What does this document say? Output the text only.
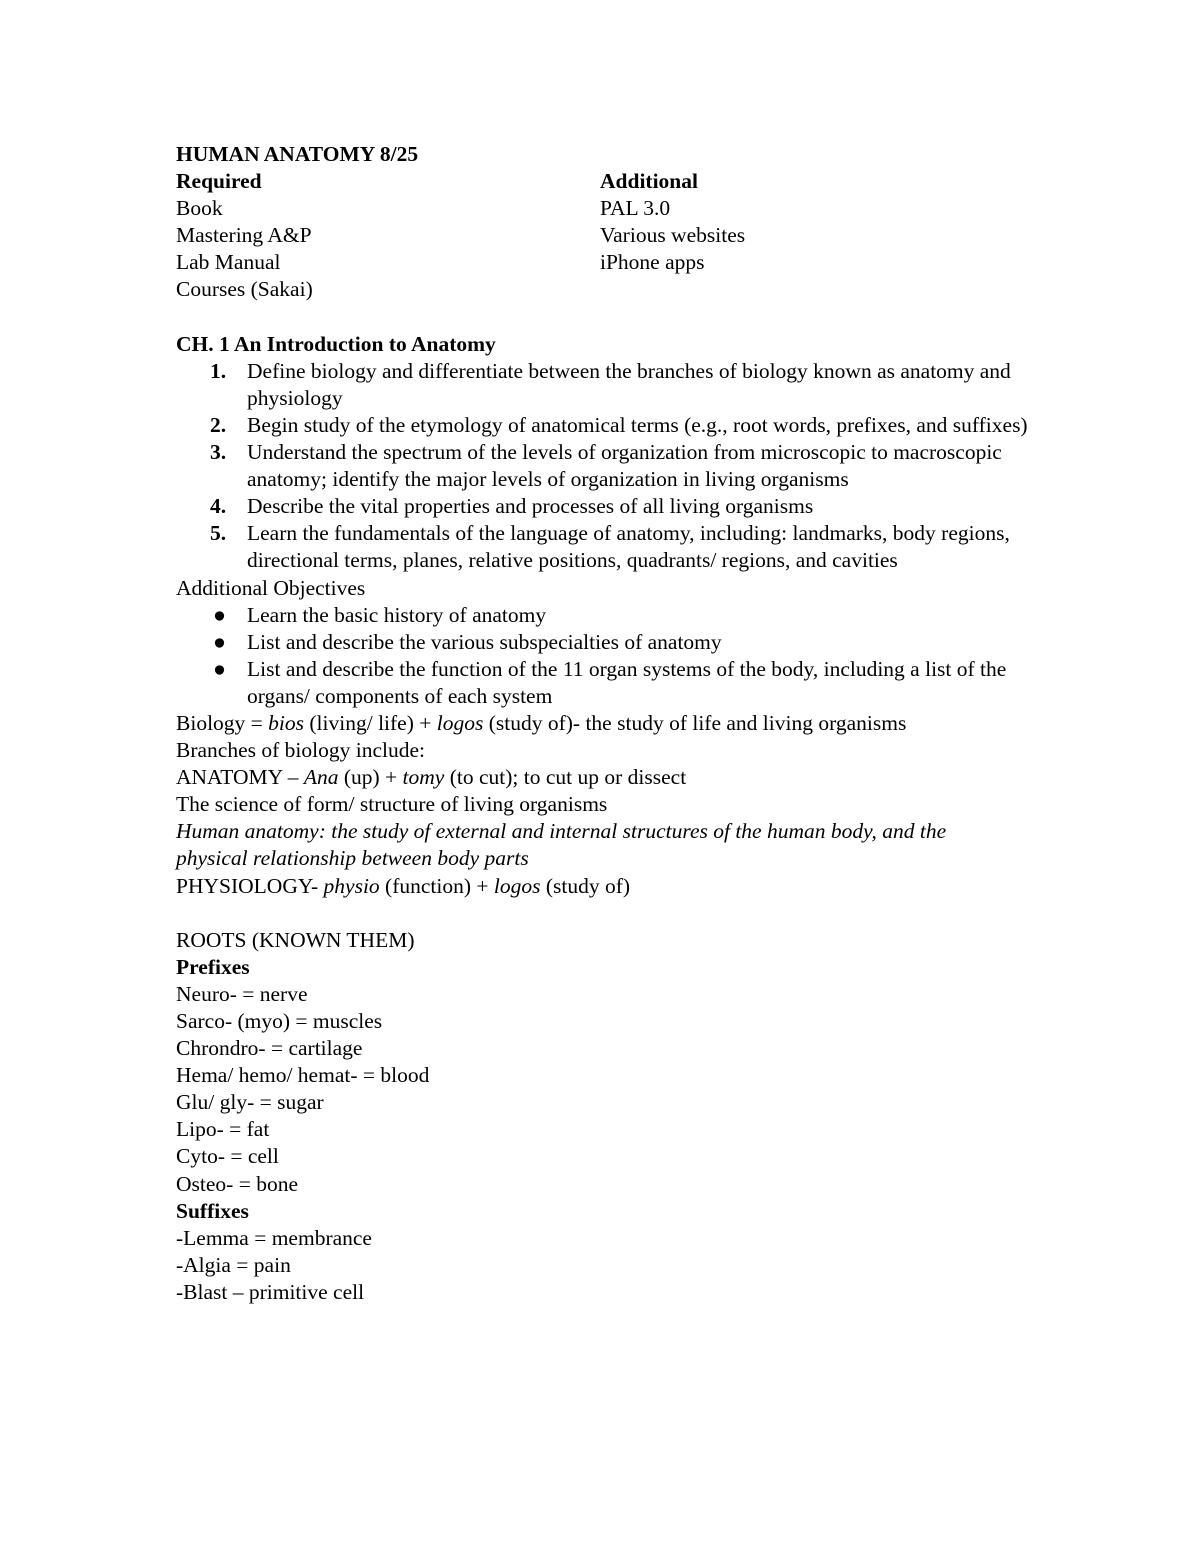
HUMAN ANATOMY 8/25
Required
Book
Mastering A&P
Lab Manual
Courses (Sakai)
Additional
PAL 3.0
Various websites
iPhone apps
CH. 1 An Introduction to Anatomy
1. Define biology and differentiate between the branches of biology known as anatomy and physiology
2. Begin study of the etymology of anatomical terms (e.g., root words, prefixes, and suffixes)
3. Understand the spectrum of the levels of organization from microscopic to macroscopic anatomy; identify the major levels of organization in living organisms
4. Describe the vital properties and processes of all living organisms
5. Learn the fundamentals of the language of anatomy, including: landmarks, body regions, directional terms, planes, relative positions, quadrants/ regions, and cavities
Additional Objectives
● Learn the basic history of anatomy
● List and describe the various subspecialties of anatomy
● List and describe the function of the 11 organ systems of the body, including a list of the organs/ components of each system
Biology = bios (living/ life) + logos (study of)- the study of life and living organisms
Branches of biology include:
ANATOMY – Ana (up) + tomy (to cut); to cut up or dissect
The science of form/ structure of living organisms
Human anatomy: the study of external and internal structures of the human body, and the
physical relationship between body parts
PHYSIOLOGY- physio (function) + logos (study of)
ROOTS (KNOWN THEM)
Prefixes
Neuro- = nerve
Sarco- (myo) = muscles
Chrondro- = cartilage
Hema/ hemo/ hemat- = blood
Glu/ gly- = sugar
Lipo- = fat
Cyto- = cell
Osteo- = bone
Suffixes
-Lemma = membrance
-Algia = pain
-Blast – primitive cell
